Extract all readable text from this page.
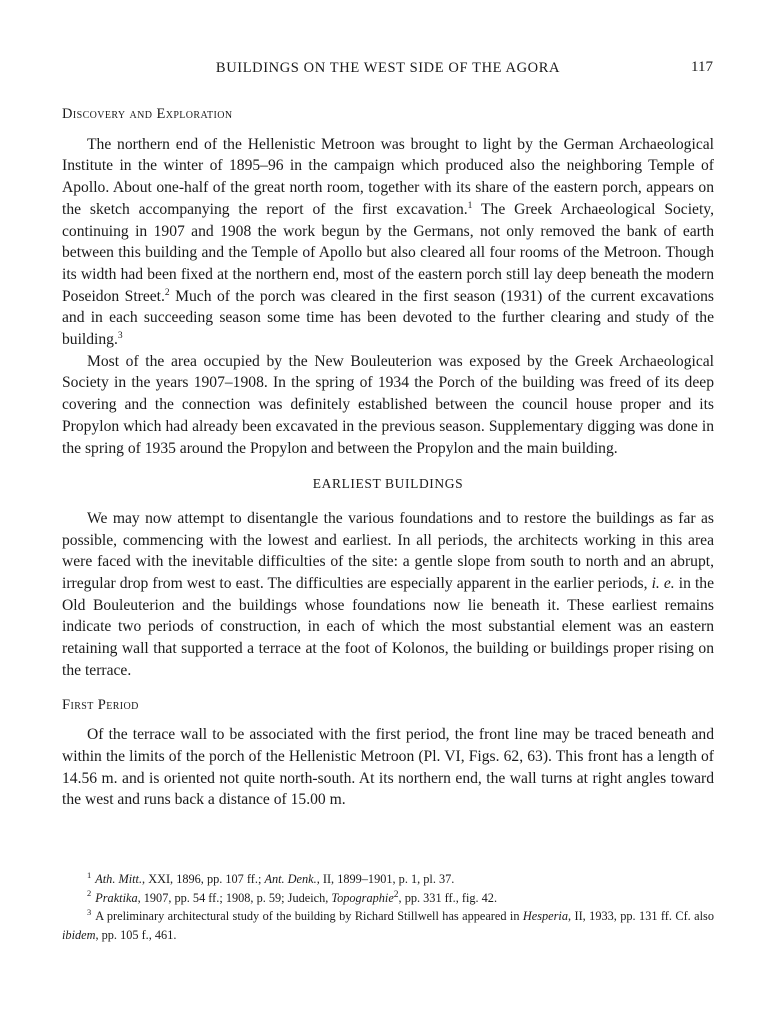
BUILDINGS ON THE WEST SIDE OF THE AGORA	117
Discovery and Exploration

The northern end of the Hellenistic Metroon was brought to light by the German Archaeological Institute in the winter of 1895–96 in the campaign which produced also the neighboring Temple of Apollo. About one-half of the great north room, together with its share of the eastern porch, appears on the sketch accompanying the report of the first excavation.$^1$ The Greek Archaeological Society, continuing in 1907 and 1908 the work begun by the Germans, not only removed the bank of earth between this building and the Temple of Apollo but also cleared all four rooms of the Metroon. Though its width had been fixed at the northern end, most of the eastern porch still lay deep beneath the modern Poseidon Street.$^2$ Much of the porch was cleared in the first season (1931) of the current excavations and in each succeeding season some time has been devoted to the further clearing and study of the building.$^3$

Most of the area occupied by the New Bouleuterion was exposed by the Greek Archaeological Society in the years 1907–1908. In the spring of 1934 the Porch of the building was freed of its deep covering and the connection was definitely established between the council house proper and its Propylon which had already been excavated in the previous season. Supplementary digging was done in the spring of 1935 around the Propylon and between the Propylon and the main building.

EARLIEST BUILDINGS

We may now attempt to disentangle the various foundations and to restore the buildings as far as possible, commencing with the lowest and earliest. In all periods, the architects working in this area were faced with the inevitable difficulties of the site: a gentle slope from south to north and an abrupt, irregular drop from west to east. The difficulties are especially apparent in the earlier periods, i. e. in the Old Bouleuterion and the buildings whose foundations now lie beneath it. These earliest remains indicate two periods of construction, in each of which the most substantial element was an eastern retaining wall that supported a terrace at the foot of Kolonos, the building or buildings proper rising on the terrace.

First Period

Of the terrace wall to be associated with the first period, the front line may be traced beneath and within the limits of the porch of the Hellenistic Metroon (Pl. VI, Figs. 62, 63). This front has a length of 14.56 m. and is oriented not quite north-south. At its northern end, the wall turns at right angles toward the west and runs back a distance of 15.00 m.

$^1$ Ath. Mitt., XXI, 1896, pp. 107 ff.; Ant. Denk., II, 1899–1901, p. 1, pl. 37.
$^2$ Praktika, 1907, pp. 54 ff.; 1908, p. 59; Judeich, Topographie$^2$, pp. 331 ff., fig. 42.
$^3$ A preliminary architectural study of the building by Richard Stillwell has appeared in Hesperia, II, 1933, pp. 131 ff. Cf. also ibidem, pp. 105 f., 461.
